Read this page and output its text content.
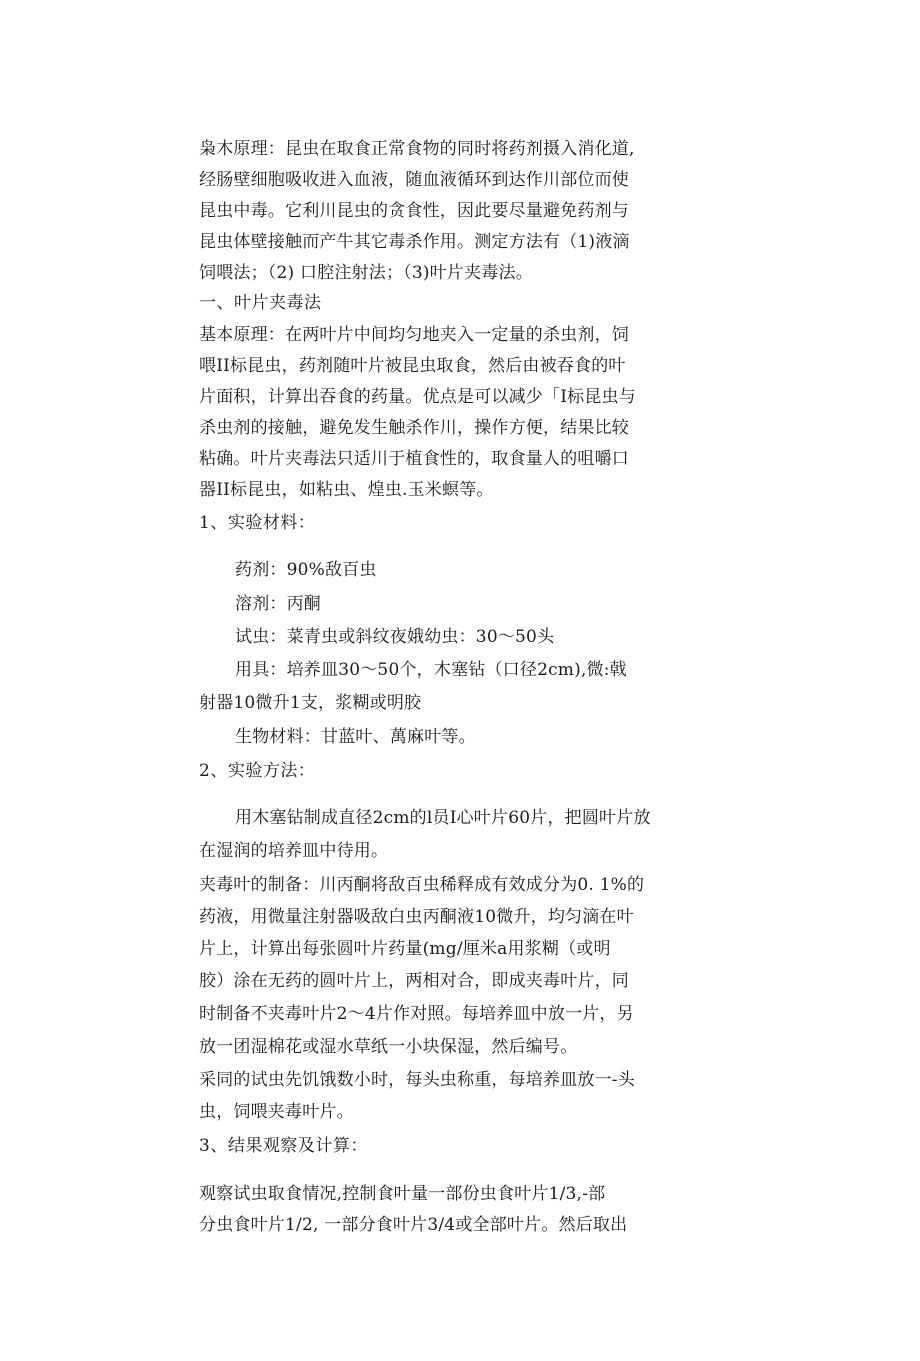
枭木原理：昆虫在取食正常食物的同时将药剂摄入消化道,
经肠壁细胞吸收进入血液，随血液循环到达作川部位而使
昆虫中毒。它利川昆虫的贪食性，因此要尽量避免药剂与
昆虫体壁接触而产牛其它毒杀作用。测定方法有（1)液滴
饲喂法；（2) 口腔注射法；（3)叶片夹毒法。
一、叶片夹毒法
基本原理：在两叶片中间均匀地夹入一定量的杀虫剂，饲
喂II标昆虫，药剂随叶片被昆虫取食，然后由被吞食的叶
片面积，计算出吞食的药量。优点是可以减少「I标昆虫与
杀虫剂的接触，避免发生触杀作川，操作方便，结果比较
粘确。叶片夹毒法只适川于植食性的，取食量人的咀嚼口
器II标昆虫，如粘虫、煌虫.玉米螟等。
1、实验材料：
药剂：90%敌百虫
溶剂：丙酮
试虫：菜青虫或斜纹夜娥幼虫：30～50头
用具：培养皿30～50个，木塞钻（口径2cm),微:戟
射器10微升1支，浆糊或明胶
生物材料：甘蓝叶、萬麻叶等。
2、实验方法：
用木塞钻制成直径2cm的l员I心叶片60片，把圆叶片放
在湿润的培养皿中待用。
夹毒叶的制备：川丙酮将敌百虫稀释成有效成分为0. 1%的
药液，用微量注射器吸敌白虫丙酮液10微升，均匀滴在叶
片上，计算出每张圆叶片药量(mg/厘米a用浆糊（或明
胶）涂在无药的圆叶片上，两相对合，即成夹毒叶片，同
时制备不夹毒叶片2～4片作对照。每培养皿中放一片，另
放一团湿棉花或湿水草纸一小块保湿，然后编号。
采同的试虫先饥饿数小时，每头虫称重，每培养皿放一-头
虫，饲喂夹毒叶片。
3、结果观察及计算：
观察试虫取食情况,控制食叶量一部份虫食叶片1/3,-部
分虫食叶片1/2, 一部分食叶片3/4或全部叶片。然后取出
